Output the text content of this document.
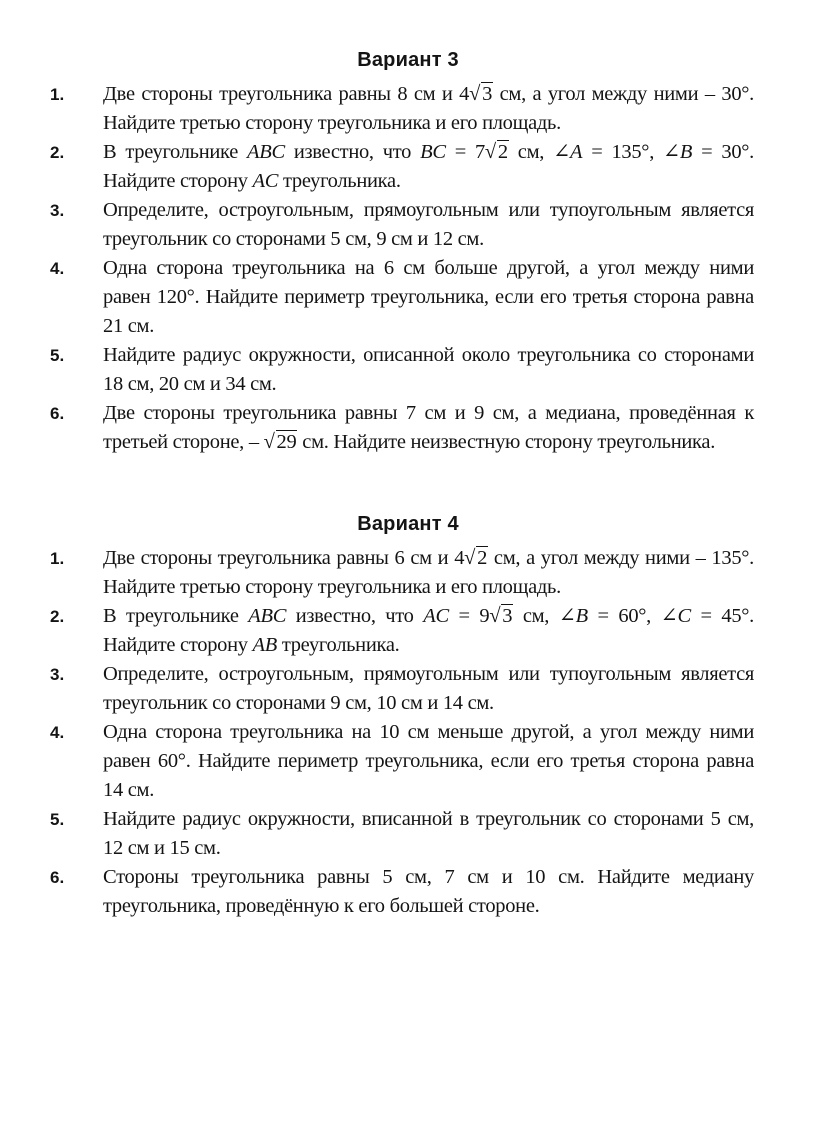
Вариант 3

1. Две стороны треугольника равны 8 см и 4√3 см, а угол между ними – 30°. Найдите третью сторону треугольника и его площадь.

2. В треугольнике ABC известно, что BC = 7√2 см, ∠A = 135°, ∠B = 30°. Найдите сторону AC треугольника.

3. Определите, остроугольным, прямоугольным или тупоугольным является треугольник со сторонами 5 см, 9 см и 12 см.

4. Одна сторона треугольника на 6 см больше другой, а угол между ними равен 120°. Найдите периметр треугольника, если его третья сторона равна 21 см.

5. Найдите радиус окружности, описанной около треугольника со сторонами 18 см, 20 см и 34 см.

6. Две стороны треугольника равны 7 см и 9 см, а медиана, проведённая к третьей стороне, – √29 см. Найдите неизвестную сторону треугольника.

Вариант 4

1. Две стороны треугольника равны 6 см и 4√2 см, а угол между ними – 135°. Найдите третью сторону треугольника и его площадь.

2. В треугольнике ABC известно, что AC = 9√3 см, ∠B = 60°, ∠C = 45°. Найдите сторону AB треугольника.

3. Определите, остроугольным, прямоугольным или тупоугольным является треугольник со сторонами 9 см, 10 см и 14 см.

4. Одна сторона треугольника на 10 см меньше другой, а угол между ними равен 60°. Найдите периметр треугольника, если его третья сторона равна 14 см.

5. Найдите радиус окружности, вписанной в треугольник со сторонами 5 см, 12 см и 15 см.

6. Стороны треугольника равны 5 см, 7 см и 10 см. Найдите медиану треугольника, проведённую к его большей стороне.
